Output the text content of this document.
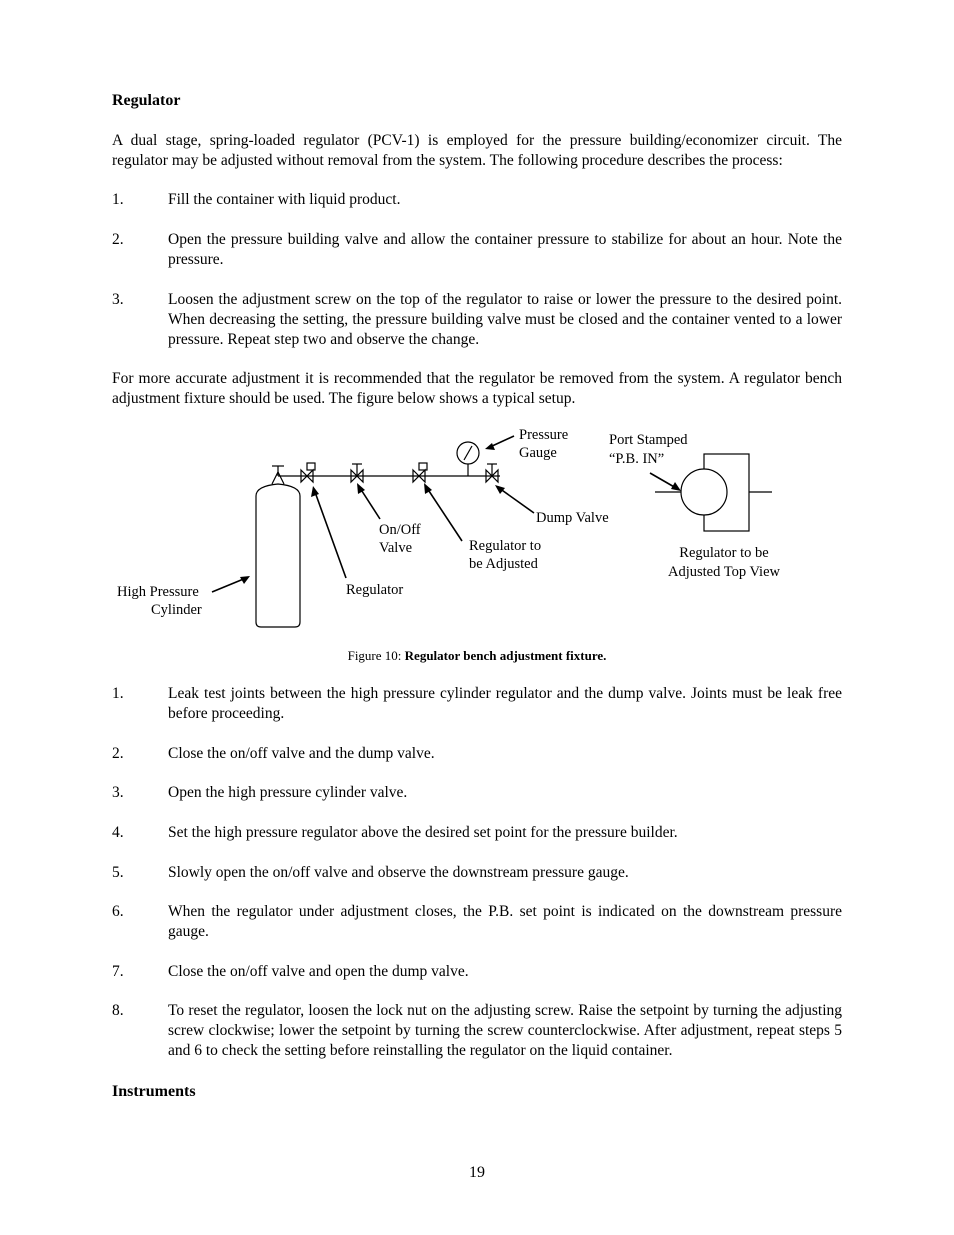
Regulator
A dual stage, spring-loaded regulator (PCV-1) is employed for the pressure building/economizer circuit. The regulator may be adjusted without removal from the system. The following procedure describes the process:
1.	Fill the container with liquid product.
2.	Open the pressure building valve and allow the container pressure to stabilize for about an hour. Note the pressure.
3.	Loosen the adjustment screw on the top of the regulator to raise or lower the pressure to the desired point. When decreasing the setting, the pressure building valve must be closed and the container vented to a lower pressure. Repeat step two and observe the change.
For more accurate adjustment it is recommended that the regulator be removed from the system. A regulator bench adjustment fixture should be used. The figure below shows a typical setup.
Pressure
Gauge
Port Stamped
“P.B. IN”
Dump Valve
On/Off
Valve	Regulator to
be Adjusted
Regulator to be
Adjusted Top View
High Pressure
Cylinder
Regulator
Figure 10: Regulator bench adjustment fixture.
1.	Leak test joints between the high pressure cylinder regulator and the dump valve. Joints must be leak free before proceeding.
2.	Close the on/off valve and the dump valve.
3.	Open the high pressure cylinder valve.
4.	Set the high pressure regulator above the desired set point for the pressure builder.
5.	Slowly open the on/off valve and observe the downstream pressure gauge.
6.	When the regulator under adjustment closes, the P.B. set point is indicated on the downstream pressure gauge.
7.	Close the on/off valve and open the dump valve.
8.	To reset the regulator, loosen the lock nut on the adjusting screw. Raise the setpoint by turning the adjusting screw clockwise; lower the setpoint by turning the screw counterclockwise. After adjustment, repeat steps 5 and 6 to check the setting before reinstalling the regulator on the liquid container.
Instruments
19
